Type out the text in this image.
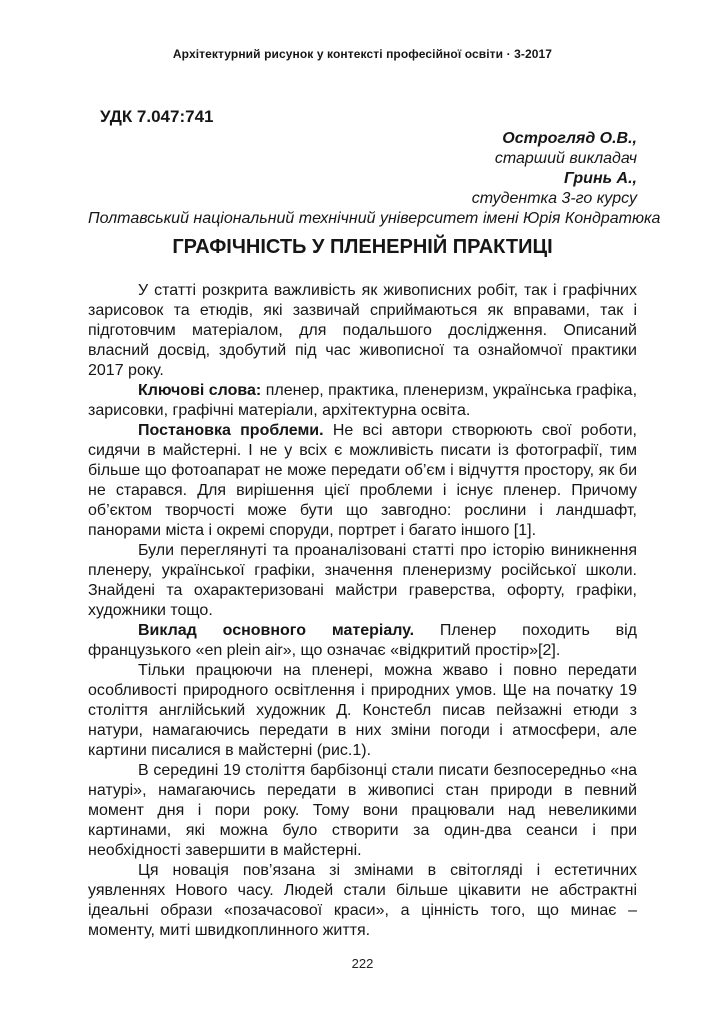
Архітектурний рисунок у контексті професійної освіти · 3-2017
УДК 7.047:741
Острогляд О.В.,
старший викладач
Гринь А.,
студентка 3-го курсу
Полтавський національний технічний університет імені Юрія Кондратюка
ГРАФІЧНІСТЬ У ПЛЕНЕРНІЙ ПРАКТИЦІ

У статті розкрита важливість як живописних робіт, так і графічних зарисовок та етюдів, які зазвичай сприймаються як вправами, так і підготовчим матеріалом, для подальшого дослідження. Описаний власний досвід, здобутий під час живописної та ознайомчої практики 2017 року.

Ключові слова: пленер, практика, пленеризм, українська графіка, зарисовки, графічні матеріали, архітектурна освіта.

Постановка проблеми. Не всі автори створюють свої роботи, сидячи в майстерні. І не у всіх є можливість писати із фотографії, тим більше що фотоапарат не може передати об’єм і відчуття простору, як би не старався. Для вирішення цієї проблеми і існує пленер. Причому об’єктом творчості може бути що завгодно: рослини і ландшафт, панорами міста і окремі споруди, портрет і багато іншого [1].

Були переглянуті та проаналізовані статті про історію виникнення пленеру, української графіки, значення пленеризму російської школи. Знайдені та охарактеризовані майстри граверства, офорту, графіки, художники тощо.

Виклад основного матеріалу. Пленер походить від французького «en plein air», що означає «відкритий простір»[2].

Тільки працюючи на пленері, можна жваво і повно передати особливості природного освітлення і природних умов. Ще на початку 19 століття англійський художник Д. Констебл писав пейзажні етюди з натури, намагаючись передати в них зміни погоди і атмосфери, але картини писалися в майстерні (рис.1).

В середині 19 століття барбізонці стали писати безпосередньо «на натурі», намагаючись передати в живописі стан природи в певний момент дня і пори року. Тому вони працювали над невеликими картинами, які можна було створити за один-два сеанси і при необхідності завершити в майстерні.

Ця новація пов’язана зі змінами в світогляді і естетичних уявленнях Нового часу. Людей стали більше цікавити не абстрактні ідеальні образи «позачасової краси», а цінність того, що минає – моменту, миті швидкоплинного життя.

222
